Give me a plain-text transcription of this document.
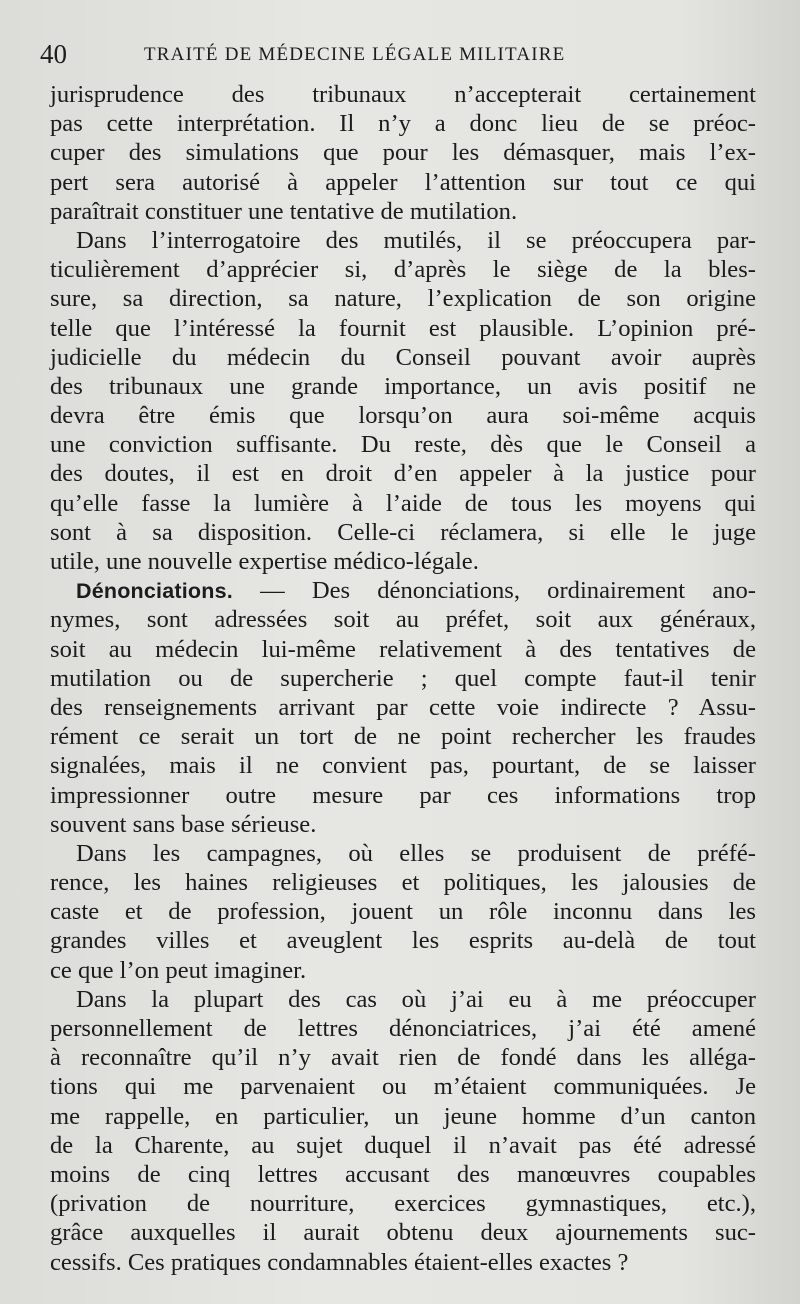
40	TRAITÉ DE MÉDECINE LÉGALE MILITAIRE
jurisprudence des tribunaux n’accepterait certainement
pas cette interprétation. Il n’y a donc lieu de se préoc-
cuper des simulations que pour les démasquer, mais l’ex-
pert sera autorisé à appeler l’attention sur tout ce qui
paraîtrait constituer une tentative de mutilation.
Dans l’interrogatoire des mutilés, il se préoccupera par-
ticulièrement d’apprécier si, d’après le siège de la bles-
sure, sa direction, sa nature, l’explication de son origine
telle que l’intéressé la fournit est plausible. L’opinion pré-
judicielle du médecin du Conseil pouvant avoir auprès
des tribunaux une grande importance, un avis positif ne
devra être émis que lorsqu’on aura soi-même acquis
une conviction suffisante. Du reste, dès que le Conseil a
des doutes, il est en droit d’en appeler à la justice pour
qu’elle fasse la lumière à l’aide de tous les moyens qui
sont à sa disposition. Celle-ci réclamera, si elle le juge
utile, une nouvelle expertise médico-légale.
Dénonciations. — Des dénonciations, ordinairement ano-
nymes, sont adressées soit au préfet, soit aux généraux,
soit au médecin lui-même relativement à des tentatives de
mutilation ou de supercherie ; quel compte faut-il tenir
des renseignements arrivant par cette voie indirecte ? Assu-
rément ce serait un tort de ne point rechercher les fraudes
signalées, mais il ne convient pas, pourtant, de se laisser
impressionner outre mesure par ces informations trop
souvent sans base sérieuse.
Dans les campagnes, où elles se produisent de préfé-
rence, les haines religieuses et politiques, les jalousies de
caste et de profession, jouent un rôle inconnu dans les
grandes villes et aveuglent les esprits au-delà de tout
ce que l’on peut imaginer.
Dans la plupart des cas où j’ai eu à me préoccuper
personnellement de lettres dénonciatrices, j’ai été amené
à reconnaître qu’il n’y avait rien de fondé dans les alléga-
tions qui me parvenaient ou m’étaient communiquées. Je
me rappelle, en particulier, un jeune homme d’un canton
de la Charente, au sujet duquel il n’avait pas été adressé
moins de cinq lettres accusant des manœuvres coupables
(privation de nourriture, exercices gymnastiques, etc.),
grâce auxquelles il aurait obtenu deux ajournements suc-
cessifs. Ces pratiques condamnables étaient-elles exactes ?
